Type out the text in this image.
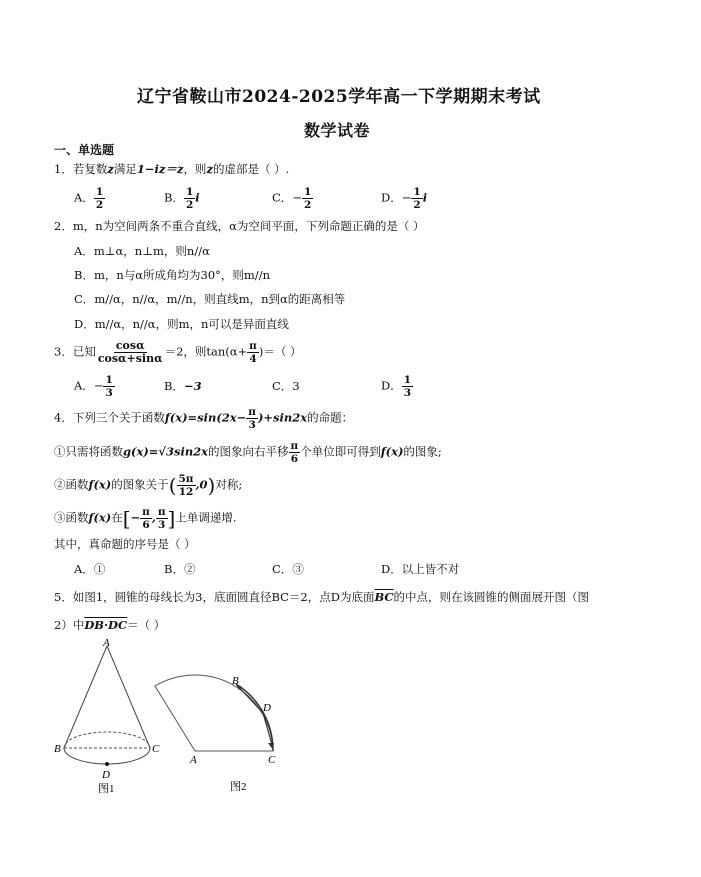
辽宁省鞍山市2024-2025学年高一下学期期末考试
数学试卷
一、单选题
1．若复数z满足1−iz＝z，则z的虚部是（ ）.
A． $\frac{1}{2}$	B． $\frac{1}{2}$ i	C．− $\frac{1}{2}$	D．− $\frac{1}{2}$ i
2．m，n为空间两条不重合直线，α为空间平面，下列命题正确的是（ ）
A．m⊥α，n⊥m，则n//α
B．m，n与α所成角均为30°，则m//n
C．m//α，n//α，m//n，则直线m，n到α的距离相等
D．m//α，n//α，则m，n可以是异面直线
3．已知 $\frac{\cos\alpha}{\cos\alpha+\sin\alpha} =2$，则$\tan(\alpha+ \frac{\pi}{4}$ )＝（ ）
A．− $\frac{1}{3}$	B．−3	C．3	D． $\frac{1}{3}$
4．下列三个关于函数$f(x)=\sin(2x- \frac{\pi}{3} )+\sin 2x$的命题：
①只需将函数g(x)=√3sin2x的图象向右平移 $\frac{\pi}{6}$ 个单位即可得到f(x)的图象;
②函数f(x)的图象关于( $\frac{5\pi}{12} ,0$)对称;
③函数f(x)在[− $\frac{\pi}{6}$ , $\frac{\pi}{3}$ ]上单调递增.
其中，真命题的序号是（ ）
A．①	B．②	C．③	D．以上皆不对
5．如图1，圆锥的母线长为3，底面圆直径BC＝2，点D为底面$\overline{BC}$的中点，则在该圆锥的侧面展开图（图
2）中DB·DC＝（ ）
A
B	C
D
图1
B
D
A	C
图2
